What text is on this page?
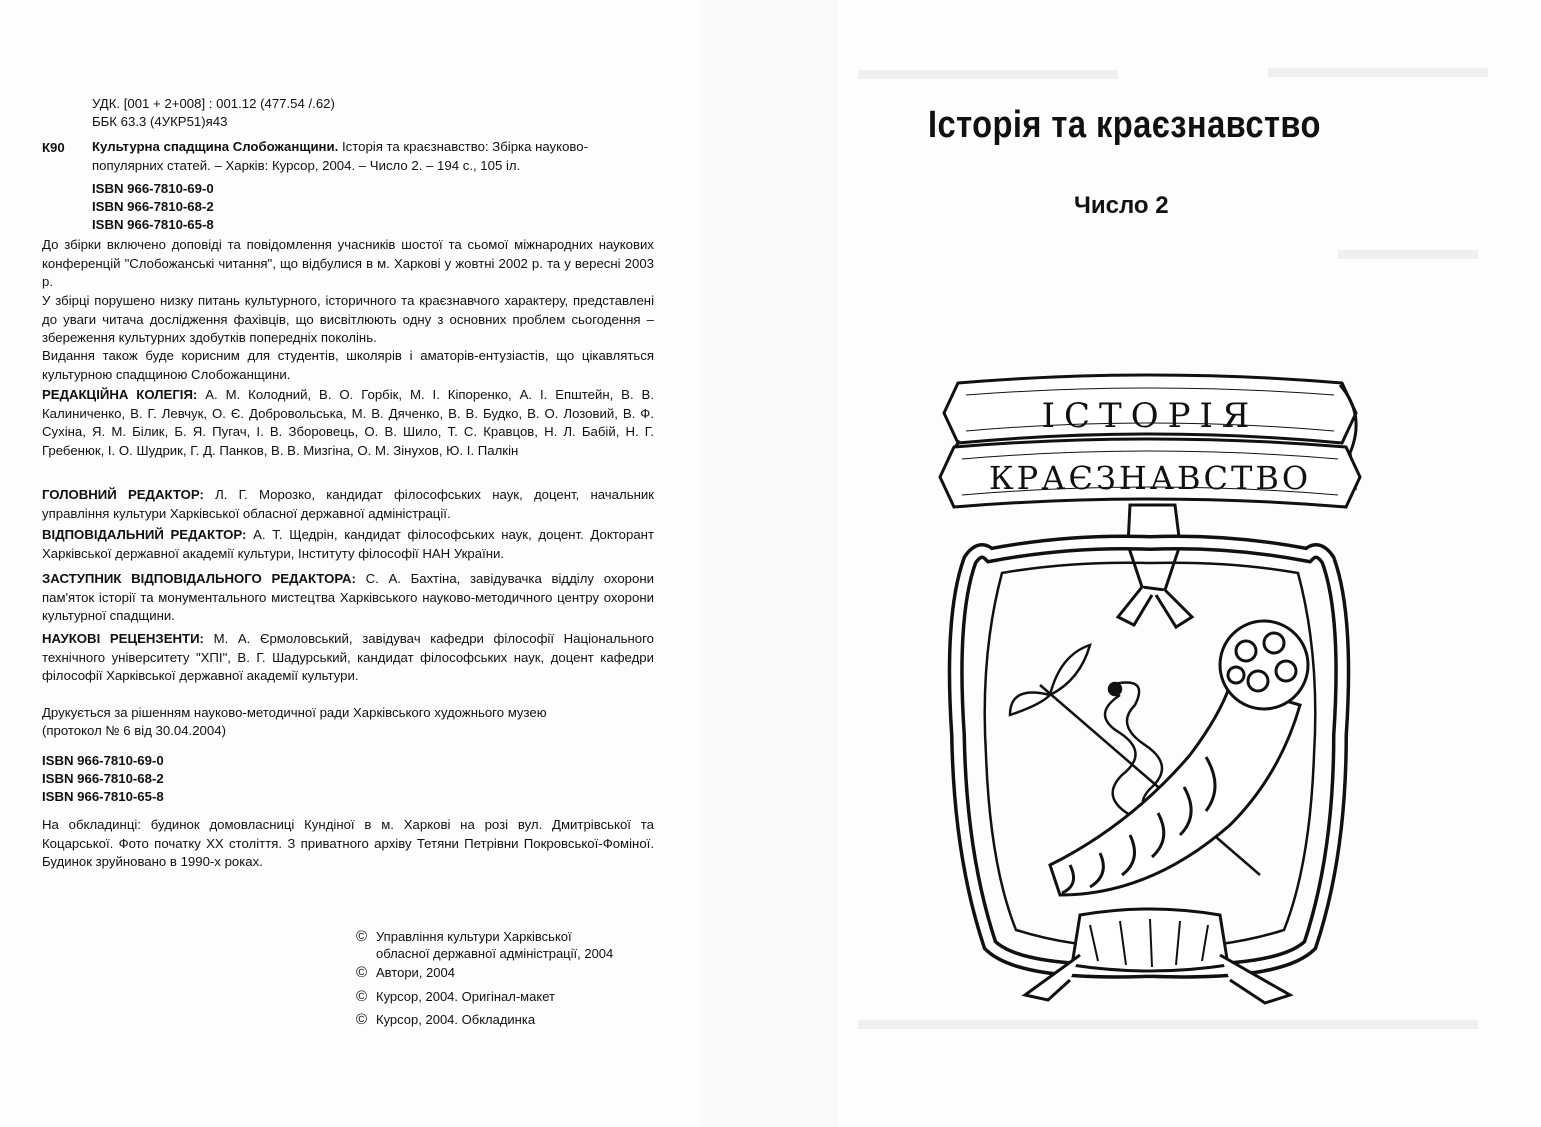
УДК. [001 + 2+008] : 001.12 (477.54 /.62)
ББК 63.3 (4УКР51)я43
К90 Культурна спадщина Слобожанщини. Історія та краєзнавство: Збірка науково-
популярних статей. – Харків: Курсор, 2004. – Число 2. – 194 с., 105 іл.
ISBN 966-7810-69-0
ISBN 966-7810-68-2
ISBN 966-7810-65-8
До збірки включено доповіді та повідомлення учасників шостої та сьомої міжнародних наукових конференцій "Слобожанські читання", що відбулися в м. Харкові у жовтні 2002 р. та у вересні 2003 р.
У збірці порушено низку питань культурного, історичного та краєзнавчого характеру, представлені до уваги читача дослідження фахівців, що висвітлюють одну з основних проблем сьогодення – збереження культурних здобутків попередніх поколінь.
Видання також буде корисним для студентів, школярів і аматорів-ентузіастів, що цікавляться культурною спадщиною Слобожанщини.
РЕДАКЦІЙНА КОЛЕГІЯ: А. М. Колодний, В. О. Горбік, М. І. Кіпоренко, А. І. Епштейн, В. В. Калиниченко, В. Г. Левчук, О. Є. Добровольська, М. В. Дяченко, В. В. Будко, В. О. Лозовий, В. Ф. Сухіна, Я. М. Білик, Б. Я. Пугач, І. В. Зборовець, О. В. Шило, Т. С. Кравцов, Н. Л. Бабій, Н. Г. Гребенюк, І. О. Шудрик, Г. Д. Панков, В. В. Мизгіна, О. М. Зінухов, Ю. І. Палкін
ГОЛОВНИЙ РЕДАКТОР: Л. Г. Морозко, кандидат філософських наук, доцент, начальник управління культури Харківської обласної державної адміністрації.
ВІДПОВІДАЛЬНИЙ РЕДАКТОР: А. Т. Щедрін, кандидат філософських наук, доцент. Докторант Харківської державної академії культури, Інституту філософії НАН України.
ЗАСТУПНИК ВІДПОВІДАЛЬНОГО РЕДАКТОРА: С. А. Бахтіна, завідувачка відділу охорони пам'яток історії та монументального мистецтва Харківського науково-методичного центру охорони культурної спадщини.
НАУКОВІ РЕЦЕНЗЕНТИ: М. А. Єрмоловський, завідувач кафедри філософії Національного технічного університету "ХПІ", В. Г. Шадурський, кандидат філософських наук, доцент кафедри філософії Харківської державної академії культури.
Друкується за рішенням науково-методичної ради Харківського художнього музею
(протокол № 6 від 30.04.2004)
ISBN 966-7810-69-0
ISBN 966-7810-68-2
ISBN 966-7810-65-8
На обкладинці: будинок домовласниці Кундіної в м. Харкові на розі вул. Дмитрівської та Коцарської. Фото початку XX століття. З приватного архіву Тетяни Петрівни Покровської-Фоміної. Будинок зруйновано в 1990-х роках.
© Управління культури Харківської
обласної державної адміністрації, 2004
© Автори, 2004
© Курсор, 2004. Оригінал-макет
© Курсор, 2004. Обкладинка
Історія та краєзнавство
Число 2
ІСТОРІЯ
КРАЄЗНАВСТВО
